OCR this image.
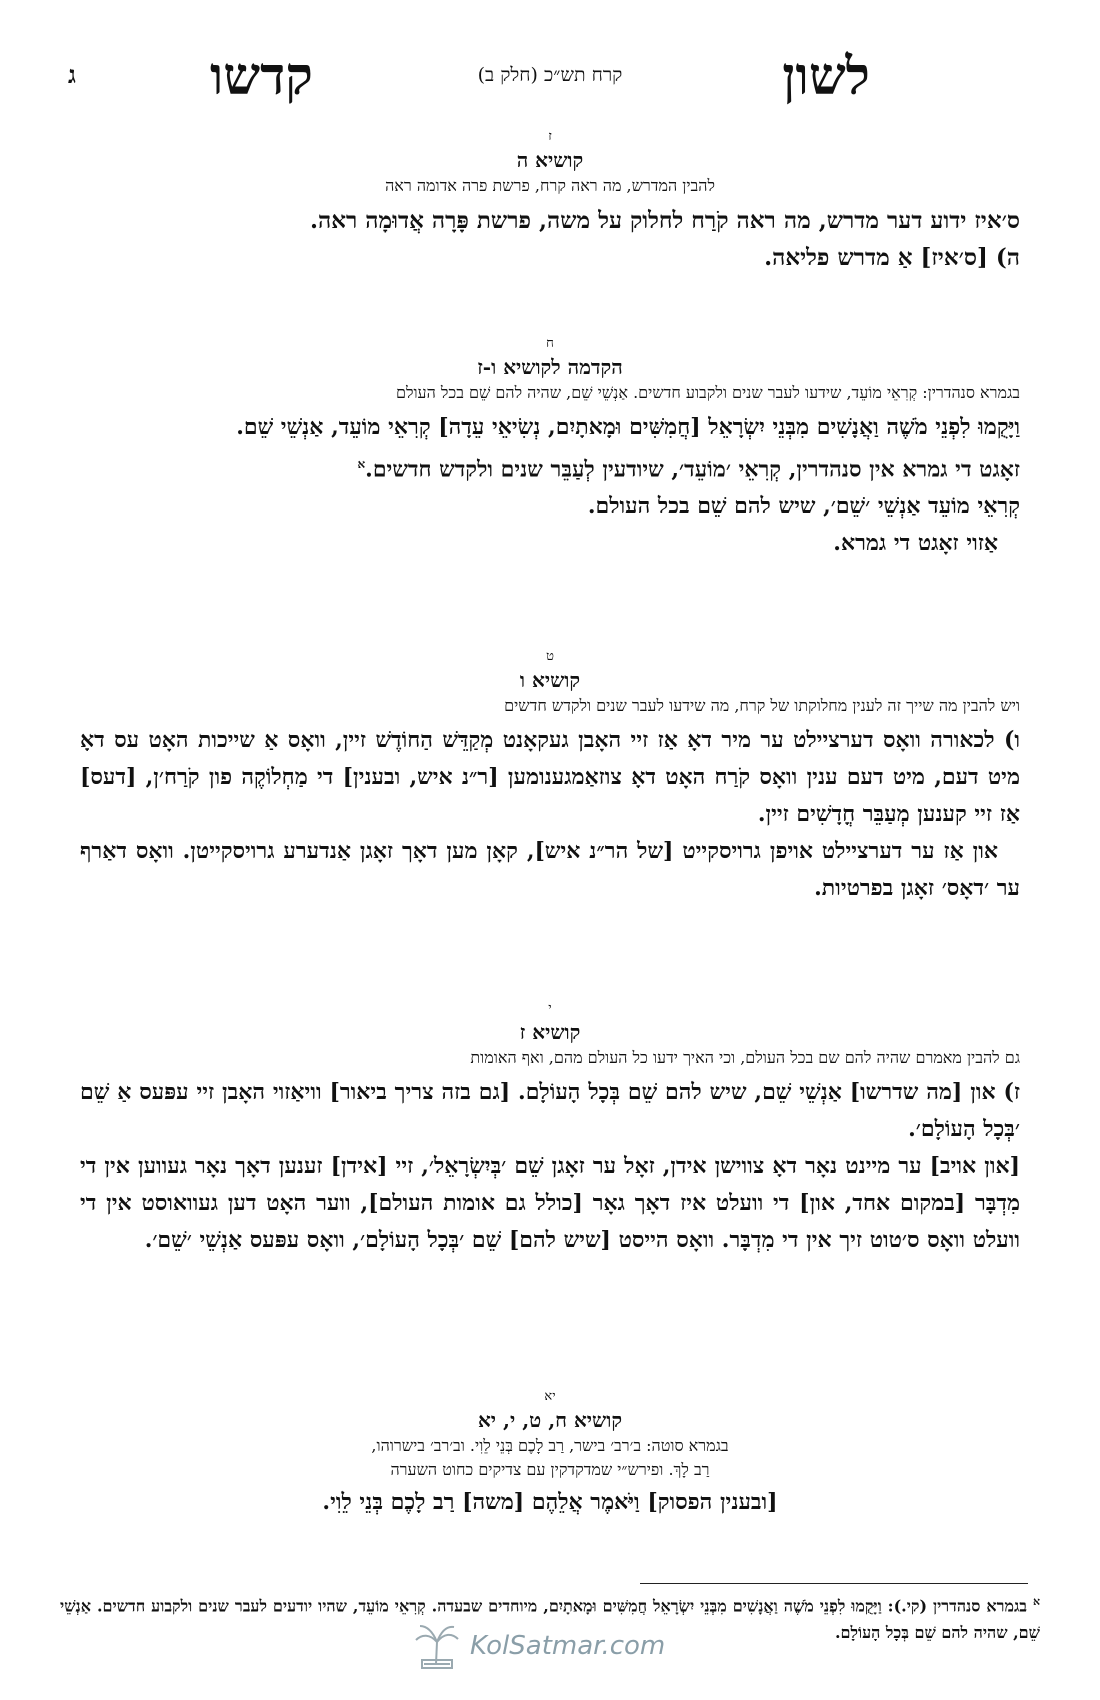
לשון
קדשו	קרח תש״כ (חלק ב)
ג

ז

קושיא ה

להבין המדרש, מה ראה קרח, פרשת פרה אדומה ראה

ס׳איז ידוע דער מדרש, מה ראה קֹרַח לחלוק על משה, פרשת פָּרָה אֲדוּמָה ראה.

ה) [ס׳איז] אַ מדרש פליאה.

ח

הקדמה לקושיא ו-ז

בגמרא סנהדרין: קְרִאֵי מוֹעֵד, שידעו לעבר שנים ולקבוע חדשים. אַנְשֵׁי שֵׁם, שהיה להם שֵׁם בכל העולם

וַיָּקֻמוּ לִפְנֵי מֹשֶׁה וַאֲנָשִׁים מִבְּנֵי יִשְׂרָאֵל [חֲמִשִּׁים וּמָאתָיִם, נְשִׂיאֵי עֵדָה] קְרִאֵי מוֹעֵד, אַנְשֵׁי שֵׁם.

זאָגט די גמרא אין סנהדרין, קְרִאֵי ׳מוֹעֵד׳, שיודעין לְעַבֵּר שנים ולקדש חדשים.$^א$

קְרִאֵי מוֹעֵד אַנְשֵׁי ׳שֵׁם׳, שיש להם שֵׁם בכל העולם.

אַזוי זאָגט די גמרא.

ט

קושיא ו

ויש להבין מה שייך זה לענין מחלוקתו של קרח, מה שידעו לעבר שנים ולקדש חדשים

ו) לכאורה וואָס דערציילט ער מיר דאָ אַז זיי האָבן געקאָנט מְקַדֵּשׁ הַחוֹדֶשׁ זיין, וואָס אַ שייכות האָט עס דאָ מיט דעם, מיט דעם ענין וואָס קֹרַח האָט דאָ צוזאַמגענומען [ר״נ איש, ובענין] די מַחְלוֹקֶה פון קֹרַח׳ן, [דעס] אַז זיי קענען מְעַבֵּר חֳדָשִׁים זיין.

און אַז ער דערציילט אויפן גרויסקייט [של הר״נ איש], קאָן מען דאָך זאָגן אַנדערע גרויסקייטן. וואָס דאַרף ער ׳דאָס׳ זאָגן בפרטיות.

י

קושיא ז

גם להבין מאמרם שהיה להם שם בכל העולם, וכי האיך ידעו כל העולם מהם, ואף האומות

ז) און [מה שדרשו] אַנְשֵׁי שֵׁם, שיש להם שֵׁם בְּכָל הָעוֹלָם. [גם בזה צריך ביאור] וויאַזוי האָבן זיי עפּעס אַ שֵׁם ׳בְּכָל הָעוֹלָם׳.

[און אויב] ער מיינט נאָר דאָ צווישן אידן, זאָל ער זאָגן שֵׁם ׳בְּיִשְׂרָאֵל׳, זיי [אידן] זענען דאָך נאָר געווען אין די מִדְבָּר [במקום אחד, און] די וועלט איז דאָך גאָר [כולל גם אומות העולם], ווער האָט דען געוואוסט אין די וועלט וואָס ס׳טוט זיך אין די מִדְבָּר. וואָס הייסט [שיש להם] שֵׁם ׳בְּכָל הָעוֹלָם׳, וואָס עפּעס אַנְשֵׁי ׳שֵׁם׳.

יא

קושיא ח, ט, י, יא

בגמרא סוטה: ב׳רב׳ בישר, רַב לָכֶם בְּנֵי לֵוִי. וב׳רב׳ בישרוהו,

רַב לָךְ. ופירש״י שמדקדקין עם צדיקים כחוט השערה

[ובענין הפסוק] וַיֹּאמֶר אֲלֵהֶם [משה] רַב לָכֶם בְּנֵי לֵוִי.

$^א$ בגמרא סנהדרין (קי.): וַיָּקֻמוּ לִפְנֵי מֹשֶׁה וַאֲנָשִׁים מִבְּנֵי יִשְׂרָאֵל חֲמִשִּׁים וּמָאתָיִם, מיוחדים שבעדה. קְרִאֵי מוֹעֵד, שהיו יודעים לעבר שנים ולקבוע חדשים. אַנְשֵׁי שֵׁם, שהיה להם שֵׁם בְּכָל הָעוֹלָם.
KolSatmar.com
